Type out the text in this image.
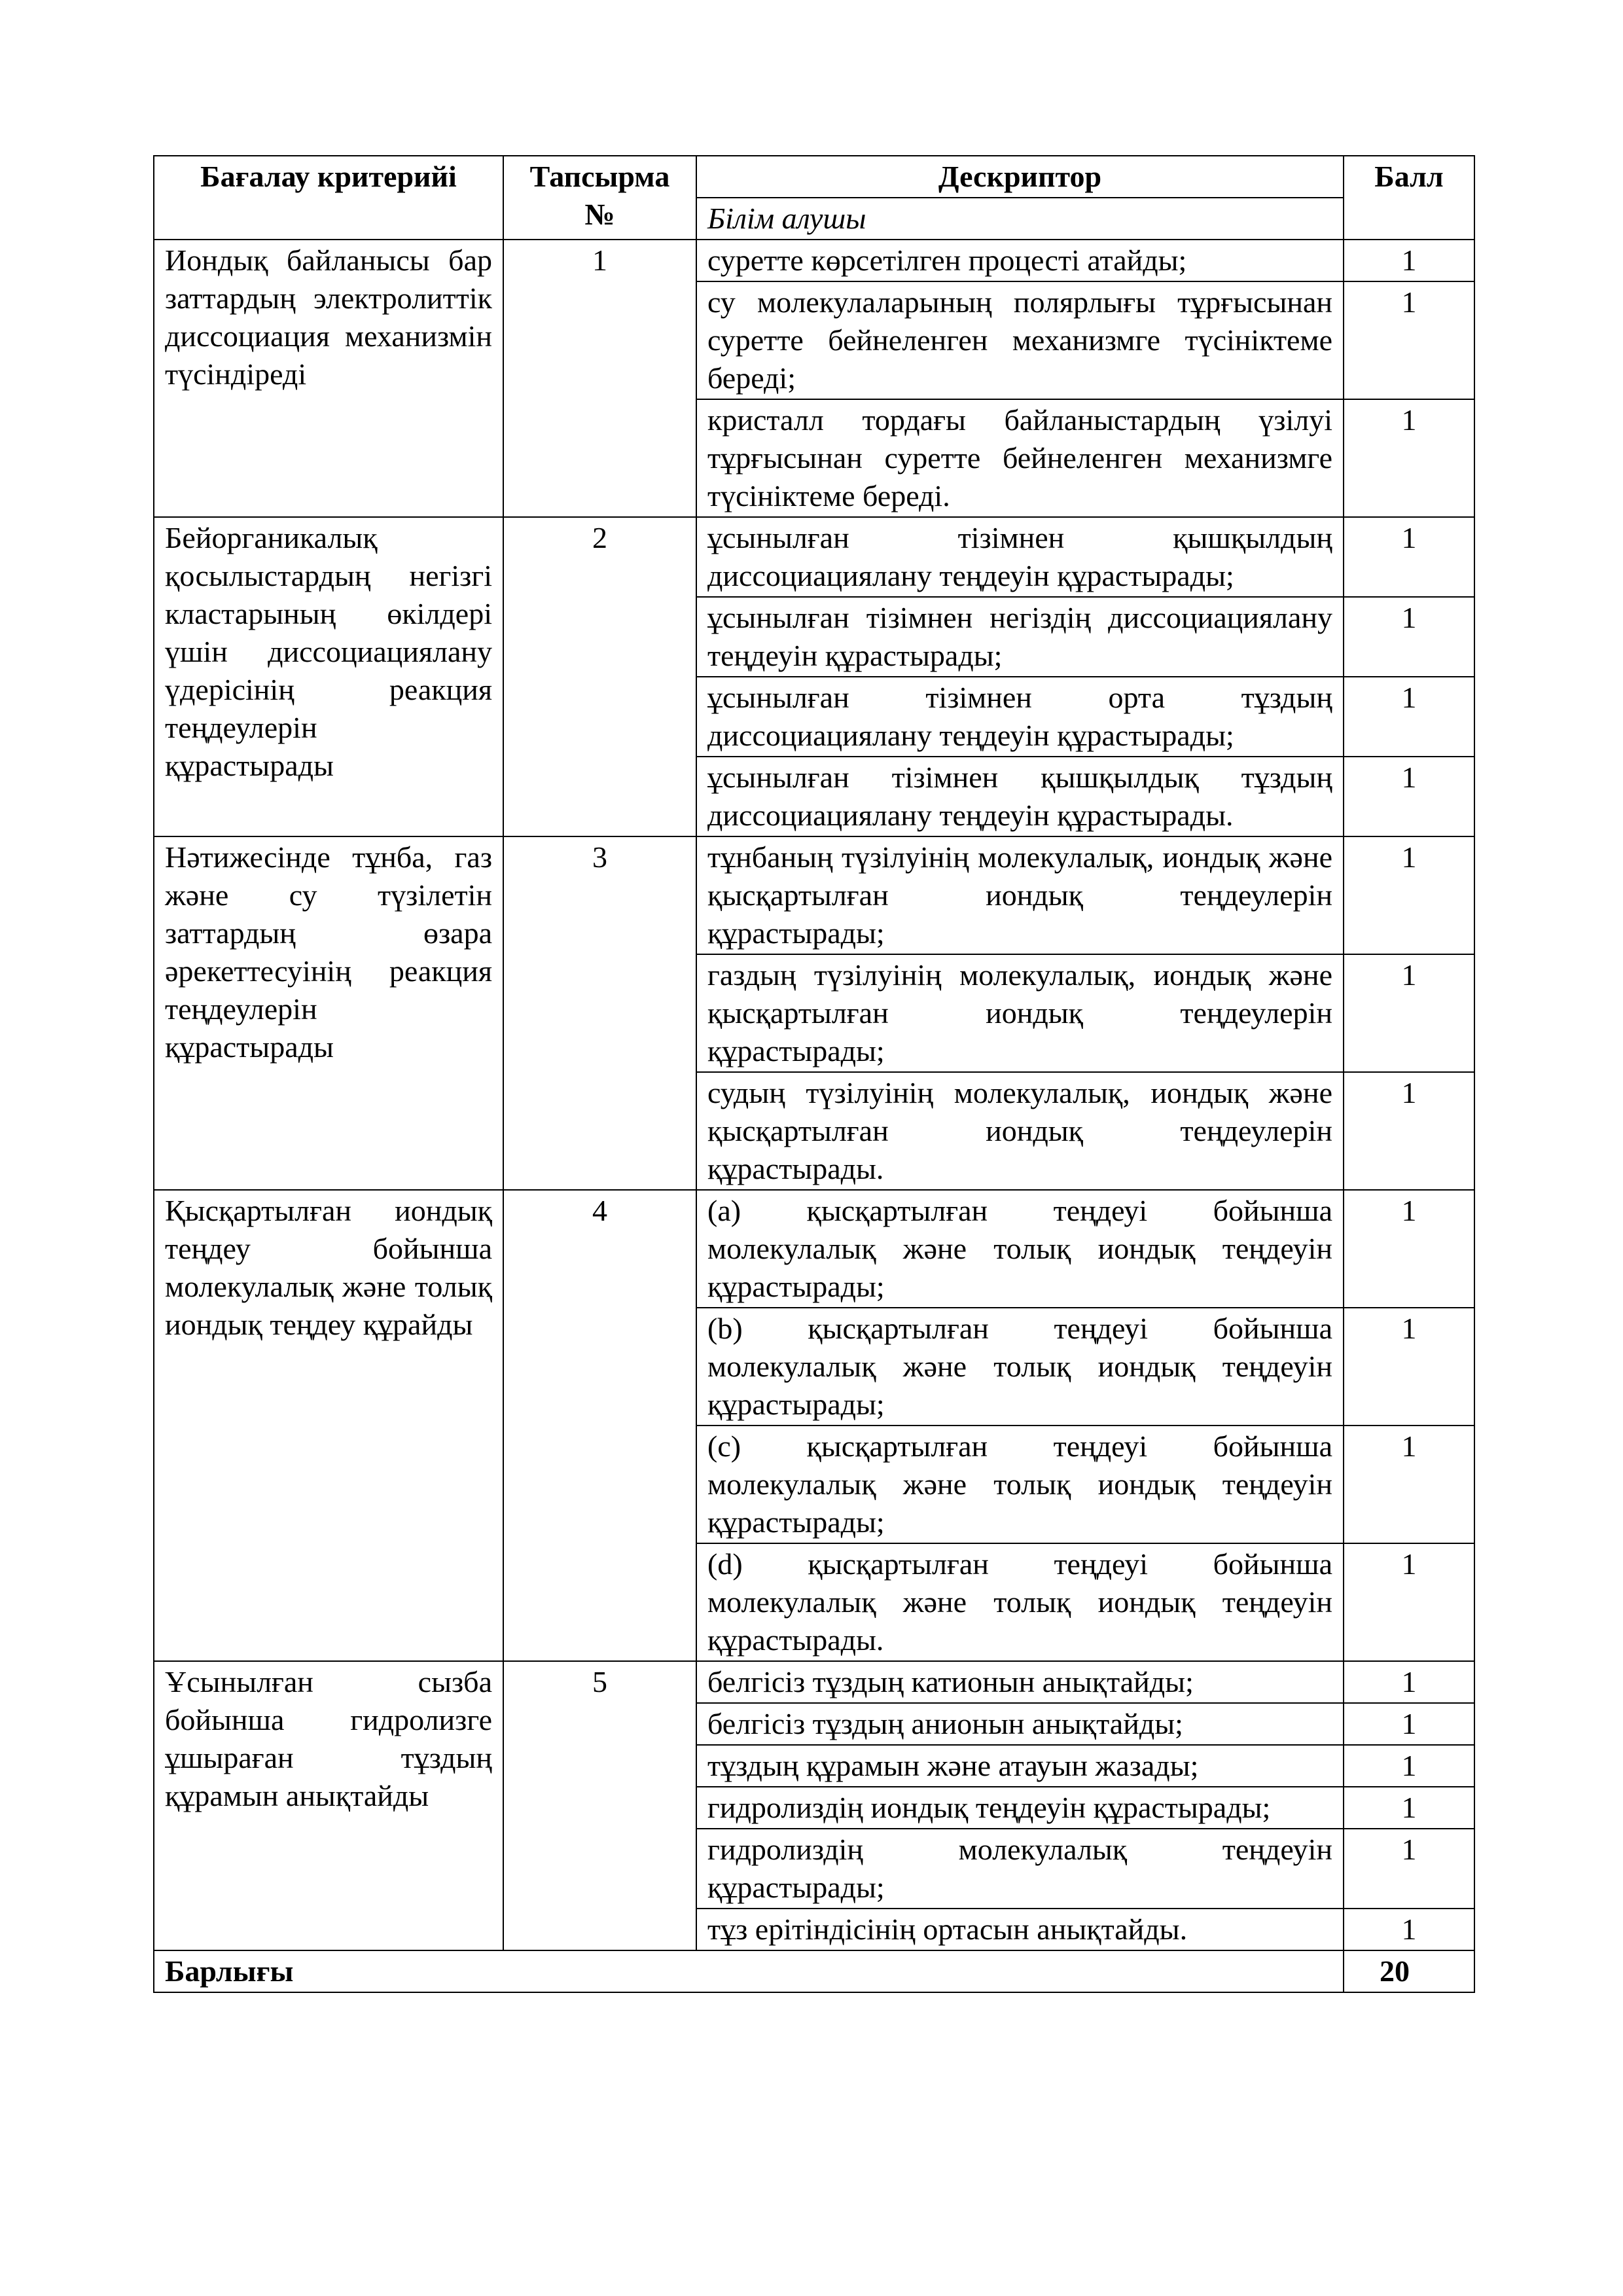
Бағалау критерийі	Тапсырма №	Дескриптор	Балл
		Білім алушы	
Иондық байланысы бар заттардың электролиттік диссоциация механизмін түсіндіреді	1	суретте көрсетілген процесті атайды;	1
		су молекулаларының полярлығы тұрғысынан суретте бейнеленген механизмге түсініктеме береді;	1
		кристалл тордағы байланыстардың үзілуі тұрғысынан суретте бейнеленген механизмге түсініктеме береді.	1
Бейорганикалық қосылыстардың негізгі кластарының өкілдері үшін диссоциациялану үдерісінің реакция теңдеулерін құрастырады	2	ұсынылған тізімнен қышқылдың диссоциациялану теңдеуін құрастырады;	1
		ұсынылған тізімнен негіздің диссоциациялану теңдеуін құрастырады;	1
		ұсынылған тізімнен орта тұздың диссоциациялану теңдеуін құрастырады;	1
		ұсынылған тізімнен қышқылдық тұздың диссоциациялану теңдеуін құрастырады.	1
Нәтижесінде тұнба, газ және су түзілетін заттардың өзара әрекеттесуінің реакция теңдеулерін құрастырады	3	тұнбаның түзілуінің молекулалық, иондық және қысқартылған иондық теңдеулерін құрастырады;	1
		газдың түзілуінің молекулалық, иондық және қысқартылған иондық теңдеулерін құрастырады;	1
		судың түзілуінің молекулалық, иондық және қысқартылған иондық теңдеулерін құрастырады.	1
Қысқартылған иондық теңдеу бойынша молекулалық және толық иондық теңдеу құрайды	4	(a) қысқартылған теңдеуі бойынша молекулалық және толық иондық теңдеуін құрастырады;	1
		(b) қысқартылған теңдеуі бойынша молекулалық және толық иондық теңдеуін құрастырады;	1
		(c) қысқартылған теңдеуі бойынша молекулалық және толық иондық теңдеуін құрастырады;	1
		(d) қысқартылған теңдеуі бойынша молекулалық және толық иондық теңдеуін құрастырады.	1
Ұсынылған сызба бойынша гидролизге ұшыраған тұздың құрамын анықтайды	5	белгісіз тұздың катионын анықтайды;	1
		белгісіз тұздың анионын анықтайды;	1
		тұздың құрамын және атауын жазады;	1
		гидролиздің иондық теңдеуін құрастырады;	1
		гидролиздің молекулалық теңдеуін құрастырады;	1
		тұз ерітіндісінің ортасын анықтайды.	1
Барлығы			20
